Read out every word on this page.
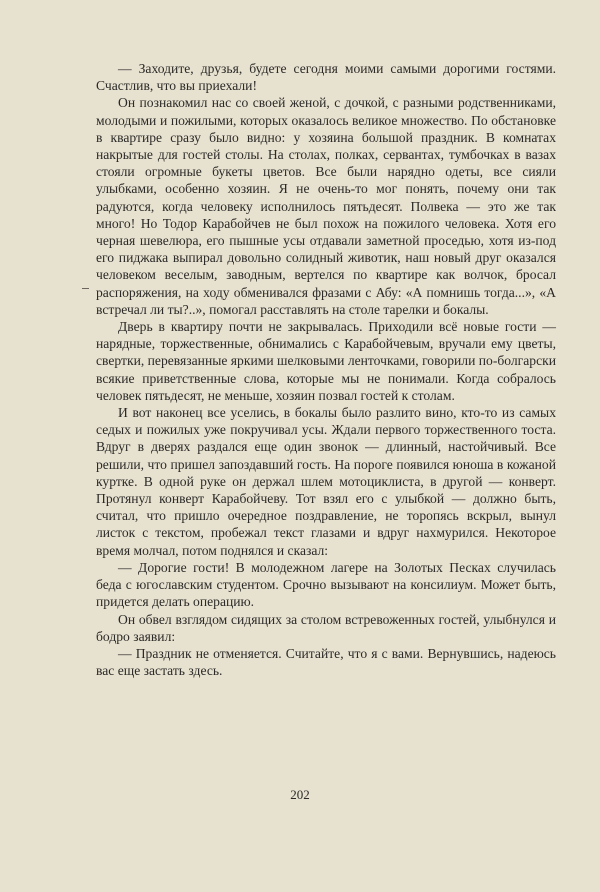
— Заходите, друзья, будете сегодня моими самыми дорогими гостями. Счастлив, что вы приехали!

Он познакомил нас со своей женой, с дочкой, с разными родственниками, молодыми и пожилыми, которых оказалось великое множество. По обстановке в квартире сразу было видно: у хозяина большой праздник. В комнатах накрытые для гостей столы. На столах, полках, сервантах, тумбочках в вазах стояли огромные букеты цветов. Все были нарядно одеты, все сияли улыбками, особенно хозяин. Я не очень-то мог понять, почему они так радуются, когда человеку исполнилось пятьдесят. Полвека — это же так много! Но Тодор Карабойчев не был похож на пожилого человека. Хотя его черная шевелюра, его пышные усы отдавали заметной проседью, хотя из-под его пиджака выпирал довольно солидный животик, наш новый друг оказался человеком веселым, заводным, вертелся по квартире как волчок, бросал распоряжения, на ходу обменивался фразами с Абу: «А помнишь тогда...», «А встречал ли ты?..», помогал расставлять на столе тарелки и бокалы.

Дверь в квартиру почти не закрывалась. Приходили всё новые гости — нарядные, торжественные, обнимались с Карабойчевым, вручали ему цветы, свертки, перевязанные яркими шелковыми ленточками, говорили по-болгарски всякие приветственные слова, которые мы не понимали. Когда собралось человек пятьдесят, не меньше, хозяин позвал гостей к столам.

И вот наконец все уселись, в бокалы было разлито вино, кто-то из самых седых и пожилых уже покручивал усы. Ждали первого торжественного тоста. Вдруг в дверях раздался еще один звонок — длинный, настойчивый. Все решили, что пришел запоздавший гость. На пороге появился юноша в кожаной куртке. В одной руке он держал шлем мотоциклиста, в другой — конверт. Протянул конверт Карабойчеву. Тот взял его с улыбкой — должно быть, считал, что пришло очередное поздравление, не торопясь вскрыл, вынул листок с текстом, пробежал текст глазами и вдруг нахмурился. Некоторое время молчал, потом поднялся и сказал:

— Дорогие гости! В молодежном лагере на Золотых Песках случилась беда с югославским студентом. Срочно вызывают на консилиум. Может быть, придется делать операцию.

Он обвел взглядом сидящих за столом встревоженных гостей, улыбнулся и бодро заявил:

— Праздник не отменяется. Считайте, что я с вами. Вернувшись, надеюсь вас еще застать здесь.

202
